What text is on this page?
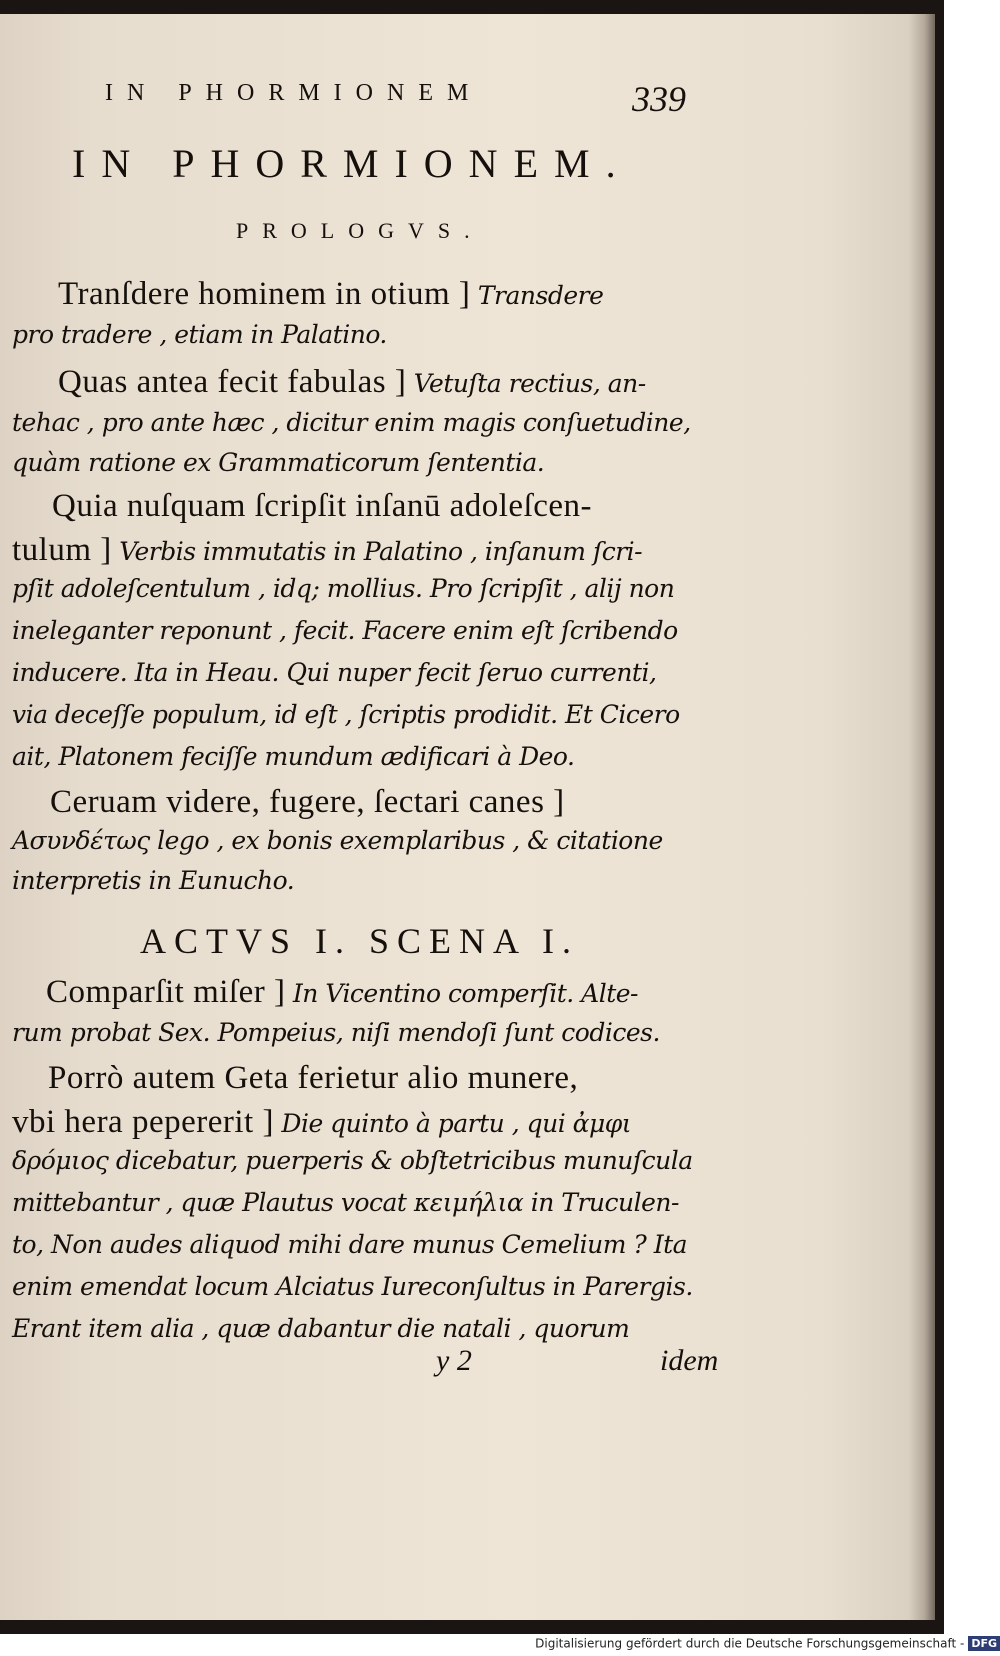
IN PHORMIONEM	339
IN PHORMIONEM.
PROLOGVS.
Tranſdere hominem in otium ] Transdere
pro tradere , etiam in Palatino.
Quas antea fecit fabulas ] Vetuſta rectius, an-
tehac , pro ante hæc , dicitur enim magis conſuetudine,
quàm ratione ex Grammaticorum ſententia.
Quia nuſquam ſcripſit inſanū adoleſcen-
tulum ] Verbis immutatis in Palatino , inſanum ſcri-
pſit adoleſcentulum , idq; mollius. Pro ſcripſit , alij non
ineleganter reponunt , fecit. Facere enim eſt ſcribendo
inducere. Ita in Heau. Qui nuper fecit ſeruo currenti,
via deceſſe populum, id eſt , ſcriptis prodidit. Et Cicero
ait, Platonem feciſſe mundum ædificari à Deo.
Ceruam videre, fugere, ſectari canes ]
Ασυνδέτως lego , ex bonis exemplaribus , & citatione
interpretis in Eunucho.
Comparſit miſer ] In Vicentino comperſit. Alte-
rum probat Sex. Pompeius, niſi mendoſi ſunt codices.
Porrò autem Geta ferietur alio munere,
vbi hera pepererit ] Die quinto à partu , qui ἀμφι
δρόμιος dicebatur, puerperis & obſtetricibus munuſcula
mittebantur , quæ Plautus vocat κειμήλια in Truculen-
to, Non audes aliquod mihi dare munus Cemelium ? Ita
enim emendat locum Alciatus Iureconſultus in Parergis.
Erant item alia , quæ dabantur die natali , quorum
ACTVS I. SCENA I.
y 2	idem
Digitalisierung gefördert durch die Deutsche Forschungsgemeinschaft - DFG
